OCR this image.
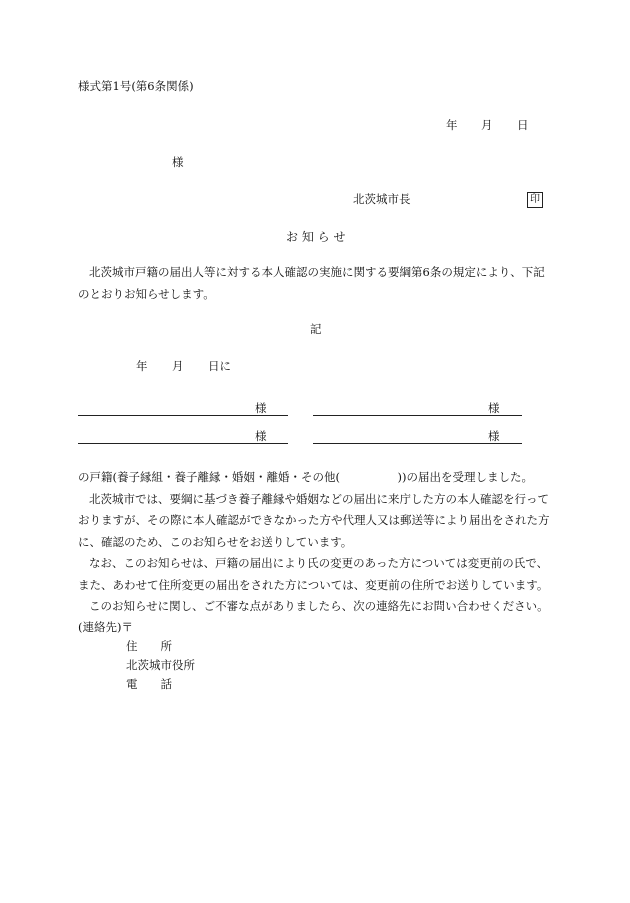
様式第1号(第6条関係)
年 月 日
様
北茨城市長	印
お 知 ら せ
北茨城市戸籍の届出人等に対する本人確認の実施に関する要綱第6条の規定により、下記
のとおりお知らせします。
記
年 月 日に
様	様
様	様
の戸籍(養子縁組・養子離縁・婚姻・離婚・その他(　　　　　))の届出を受理しました。
北茨城市では、要綱に基づき養子離縁や婚姻などの届出に来庁した方の本人確認を行って
おりますが、その際に本人確認ができなかった方や代理人又は郵送等により届出をされた方
に、確認のため、このお知らせをお送りしています。
なお、このお知らせは、戸籍の届出により氏の変更のあった方については変更前の氏で、
また、あわせて住所変更の届出をされた方については、変更前の住所でお送りしています。
このお知らせに関し、ご不審な点がありましたら、次の連絡先にお問い合わせください。
(連絡先)〒
住　　所
北茨城市役所
電　　話
